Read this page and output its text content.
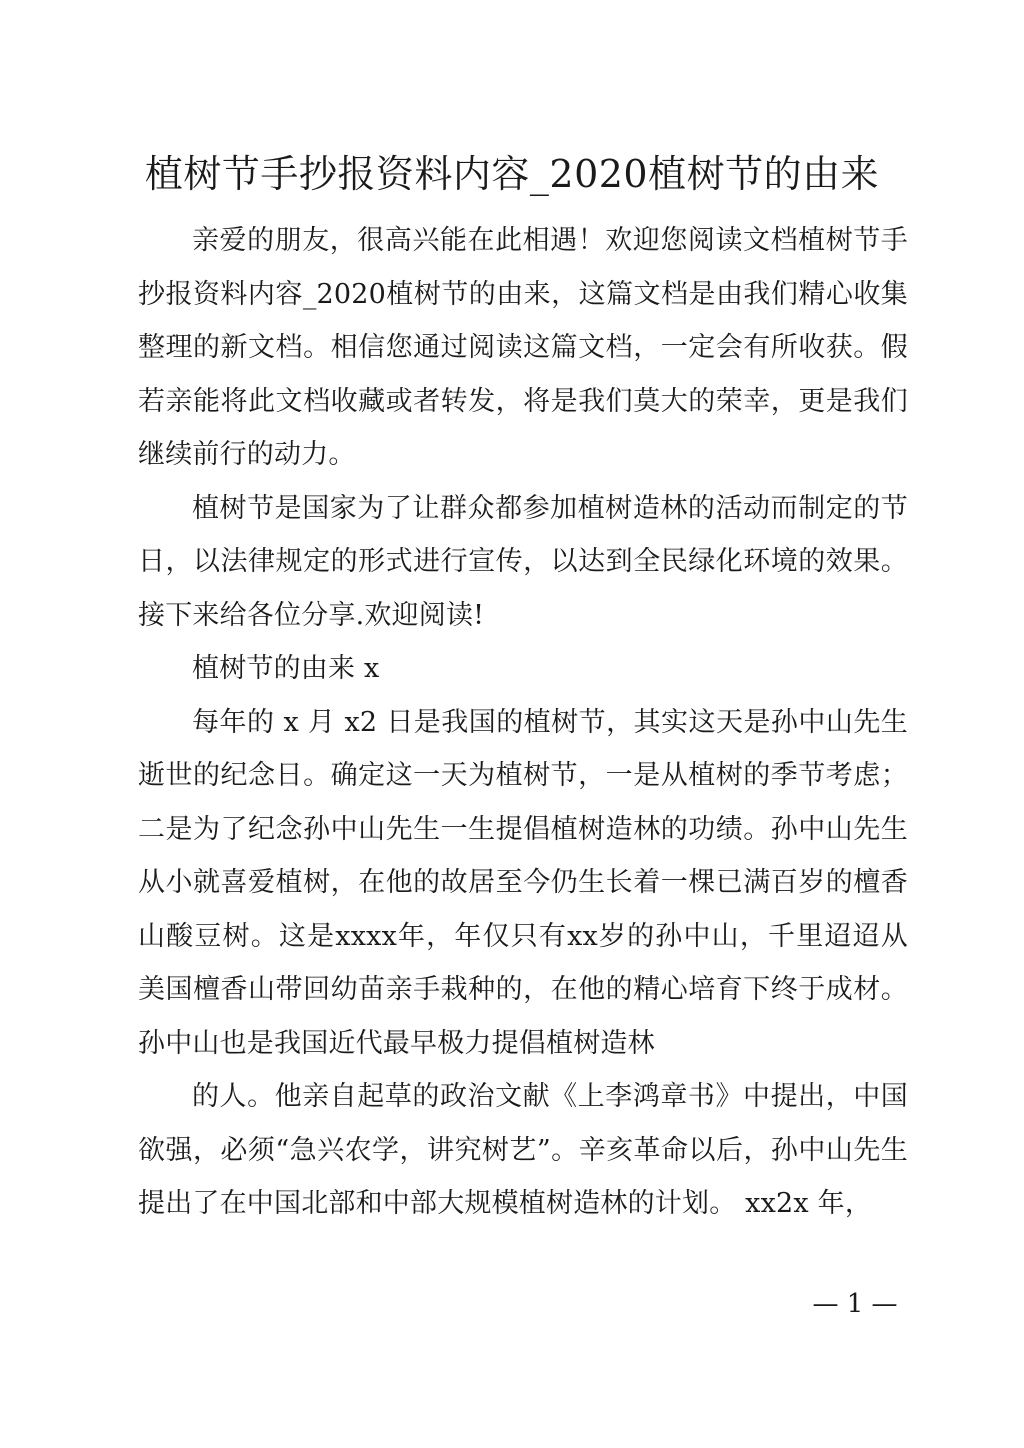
植树节手抄报资料内容_2020植树节的由来

亲爱的朋友，很高兴能在此相遇！欢迎您阅读文档植树节手抄报资料内容_2020植树节的由来，这篇文档是由我们精心收集整理的新文档。相信您通过阅读这篇文档，一定会有所收获。假若亲能将此文档收藏或者转发，将是我们莫大的荣幸，更是我们继续前行的动力。

植树节是国家为了让群众都参加植树造林的活动而制定的节日，以法律规定的形式进行宣传，以达到全民绿化环境的效果。接下来给各位分享.欢迎阅读!

植树节的由来 x

每年的 x 月 x2 日是我国的植树节，其实这天是孙中山先生逝世的纪念日。确定这一天为植树节，一是从植树的季节考虑；二是为了纪念孙中山先生一生提倡植树造林的功绩。孙中山先生从小就喜爱植树，在他的故居至今仍生长着一棵已满百岁的檀香山酸豆树。这是xxxx年，年仅只有xx岁的孙中山，千里迢迢从美国檀香山带回幼苗亲手栽种的，在他的精心培育下终于成材。孙中山也是我国近代最早极力提倡植树造林

的人。他亲自起草的政治文献《上李鸿章书》中提出，中国欲强，必须“急兴农学，讲究树艺”。辛亥革命以后，孙中山先生提出了在中国北部和中部大规模植树造林的计划。 xx2x 年，

— 1 —
